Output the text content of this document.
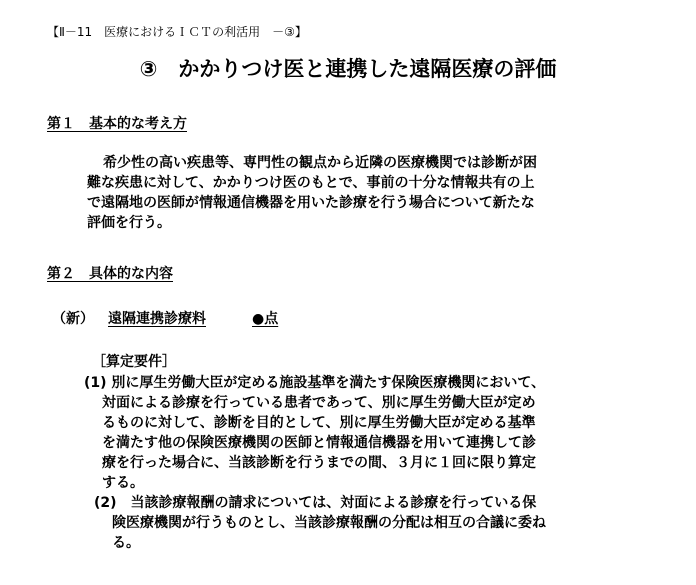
【Ⅱ－11　医療におけるＩＣＴの利活用　－③】
③　かかりつけ医と連携した遠隔医療の評価
第１　 基本的な考え方
希少性の高い疾患等、専門性の観点から近隣の医療機関では診断が困
難な疾患に対して、かかりつけ医のもとで、事前の十分な情報共有の上
で遠隔地の医師が情報通信機器を用いた診療を行う場合について新たな
評価を行う。
第２　 具体的な内容
（新） 遠隔連携診療料	●点
［算定要件］
(1) 別に厚生労働大臣が定める施設基準を満たす保険医療機関において、
対面による診療を行っている患者であって、別に厚生労働大臣が定め
るものに対して、診断を目的として、別に厚生労働大臣が定める基準
を満たす他の保険医療機関の医師と情報通信機器を用いて連携して診
療を行った場合に、当該診断を行うまでの間、３月に１回に限り算定
する。
(2)　 当該診療報酬の請求については、対面による診療を行っている保
険医療機関が行うものとし、当該診療報酬の分配は相互の合議に委ね
る。
